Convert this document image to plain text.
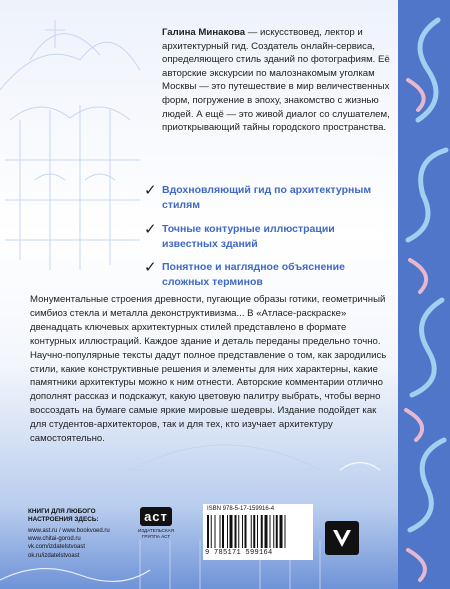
Галина Минакова — искусствовед, лектор и архитектурный гид. Создатель онлайн-сервиса, определяющего стиль зданий по фотографиям. Её авторские экскурсии по малознакомым уголкам Москвы — это путешествие в мир величественных форм, погружение в эпоху, знакомство с жизнью людей. А ещё — это живой диалог со слушателем, приоткрывающий тайны городского пространства.
✓ Вдохновляющий гид по архитектурным стилям
✓ Точные контурные иллюстрации известных зданий
✓ Понятное и наглядное объяснение сложных терминов
Монументальные строения древности, пугающие образы готики, геометричный симбиоз стекла и металла деконструктивизма... В «Атласе-раскраске» двенадцать ключевых архитектурных стилей представлено в формате контурных иллюстраций. Каждое здание и деталь переданы предельно точно. Научно-популярные тексты дадут полное представление о том, как зародились стили, какие конструктивные решения и элементы для них характерны, какие памятники архитектуры можно к ним отнести. Авторские комментарии отлично дополнят рассказ и подскажут, какую цветовую палитру выбрать, чтобы верно воссоздать на бумаге самые яркие мировые шедевры. Издание подойдет как для студентов-архитекторов, так и для тех, кто изучает архитектуру самостоятельно.
КНИГИ ДЛЯ ЛЮБОГО НАСТРОЕНИЯ ЗДЕСЬ:
www.ast.ru / www.bookvoed.ru
www.chitai-gorod.ru
vk.com/izdatelstvoast
ok.ru/izdatelstvoast
аст
ИЗДАТЕЛЬСКАЯ ГРУППА АСТ
ISBN 978-5-17-159916-4
9 785171 599164
